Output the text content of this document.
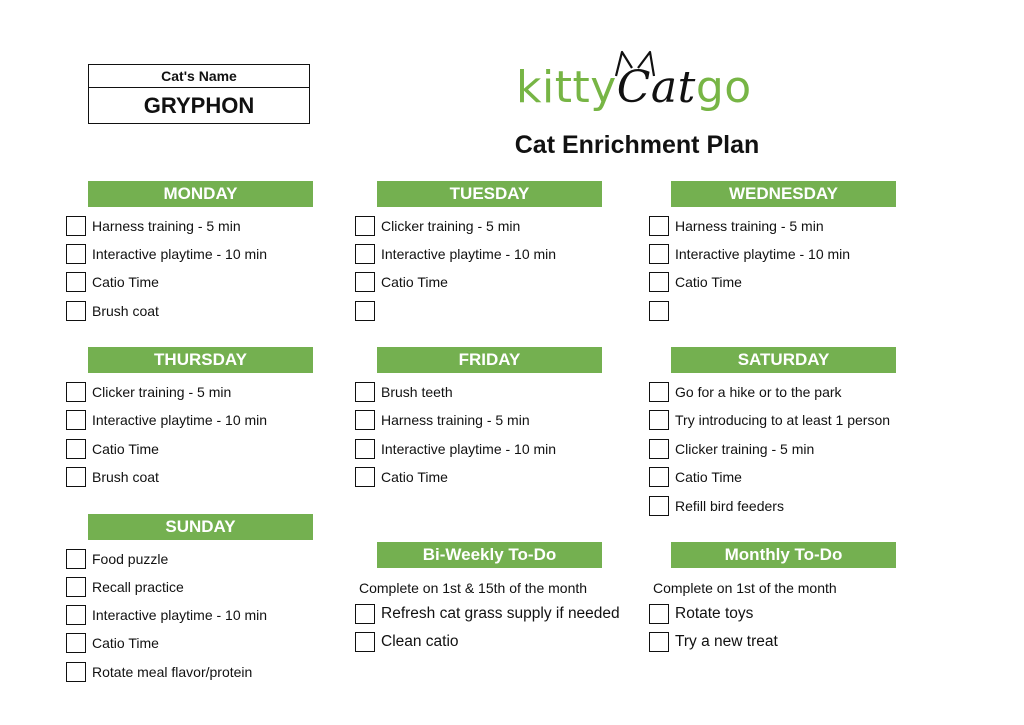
Cat's Name
GRYPHON	kittyCatgo
Cat Enrichment Plan
MONDAY
Harness training - 5 min
Interactive playtime - 10 min
Catio Time
Brush coat
TUESDAY
Clicker training - 5 min
Interactive playtime - 10 min
Catio Time
WEDNESDAY
Harness training - 5 min
Interactive playtime - 10 min
Catio Time
THURSDAY
Clicker training - 5 min
Interactive playtime - 10 min
Catio Time
Brush coat
FRIDAY
Brush teeth
Harness training - 5 min
Interactive playtime - 10 min
Catio Time
SATURDAY
Go for a hike or to the park
Try introducing to at least 1 person
Clicker training - 5 min
Catio Time
Refill bird feeders
SUNDAY
Food puzzle
Recall practice
Interactive playtime - 10 min
Catio Time
Rotate meal flavor/protein
Bi-Weekly To-Do
Complete on 1st & 15th of the month
Refresh cat grass supply if needed
Clean catio
Monthly To-Do
Complete on 1st of the month
Rotate toys
Try a new treat
